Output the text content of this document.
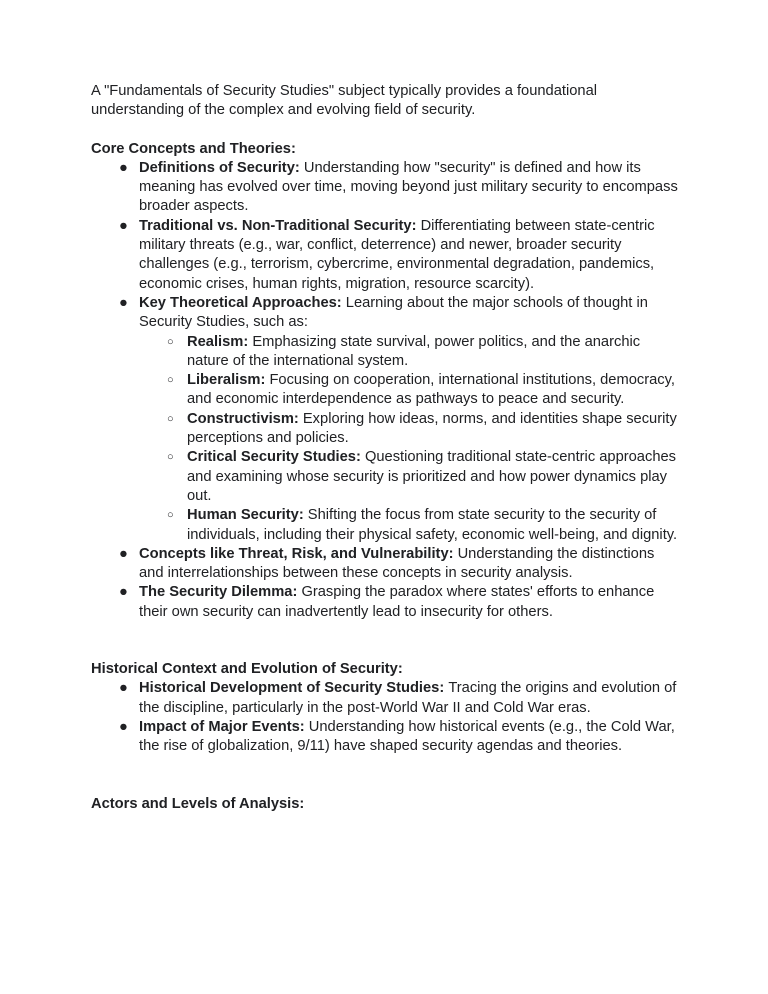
A "Fundamentals of Security Studies" subject typically provides a foundational understanding of the complex and evolving field of security.

Core Concepts and Theories:
● Definitions of Security: Understanding how "security" is defined and how its meaning has evolved over time, moving beyond just military security to encompass broader aspects.
● Traditional vs. Non-Traditional Security: Differentiating between state-centric military threats (e.g., war, conflict, deterrence) and newer, broader security challenges (e.g., terrorism, cybercrime, environmental degradation, pandemics, economic crises, human rights, migration, resource scarcity).
● Key Theoretical Approaches: Learning about the major schools of thought in Security Studies, such as:
○ Realism: Emphasizing state survival, power politics, and the anarchic nature of the international system.
○ Liberalism: Focusing on cooperation, international institutions, democracy, and economic interdependence as pathways to peace and security.
○ Constructivism: Exploring how ideas, norms, and identities shape security perceptions and policies.
○ Critical Security Studies: Questioning traditional state-centric approaches and examining whose security is prioritized and how power dynamics play out.
○ Human Security: Shifting the focus from state security to the security of individuals, including their physical safety, economic well-being, and dignity.
● Concepts like Threat, Risk, and Vulnerability: Understanding the distinctions and interrelationships between these concepts in security analysis.
● The Security Dilemma: Grasping the paradox where states' efforts to enhance their own security can inadvertently lead to insecurity for others.
Historical Context and Evolution of Security:
● Historical Development of Security Studies: Tracing the origins and evolution of the discipline, particularly in the post-World War II and Cold War eras.
● Impact of Major Events: Understanding how historical events (e.g., the Cold War, the rise of globalization, 9/11) have shaped security agendas and theories.
Actors and Levels of Analysis:
